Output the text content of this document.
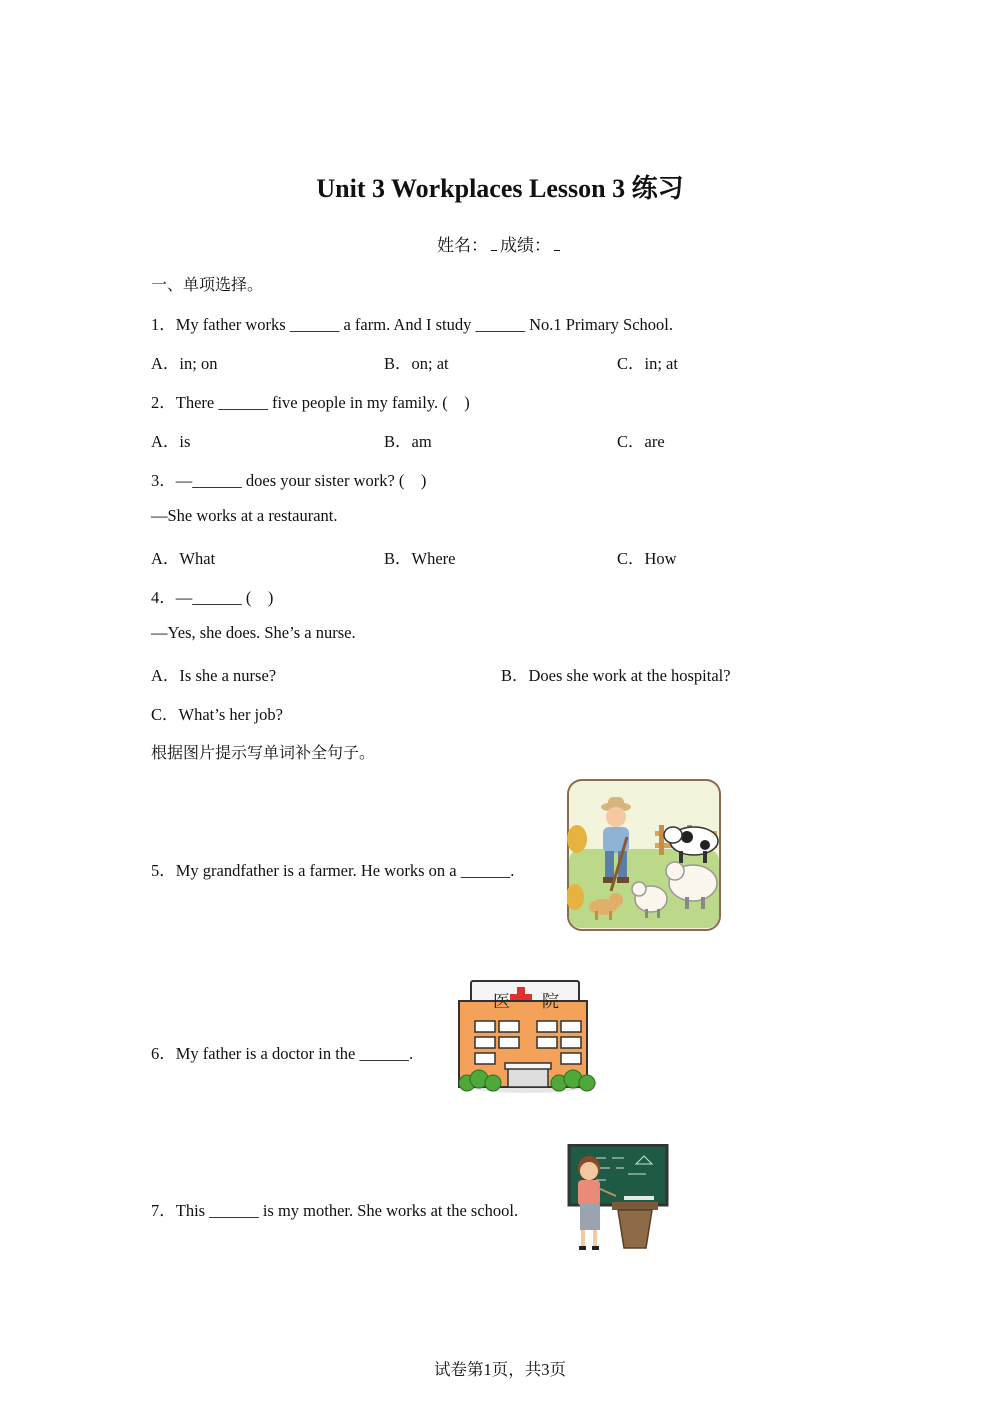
Unit 3 Workplaces Lesson 3 练习
姓名： 成绩：
一、单项选择。
1．My father works ______ a farm. And I study ______ No.1 Primary School.
A．in; on	B．on; at	C．in; at
2．There ______ five people in my family. (　)
A．is	B．am	C．are
3．—______ does your sister work? (　)
—She works at a restaurant.
A．What	B．Where	C．How
4．—______ (　)
—Yes, she does. She’s a nurse.
A．Is she a nurse?	B．Does she work at the hospital?
C．What’s her job?
根据图片提示写单词补全句子。
5．My grandfather is a farmer. He works on a ______.
6．My father is a doctor in the ______.
医 院
7．This ______ is my mother. She works at the school.
试卷第1页，共3页
